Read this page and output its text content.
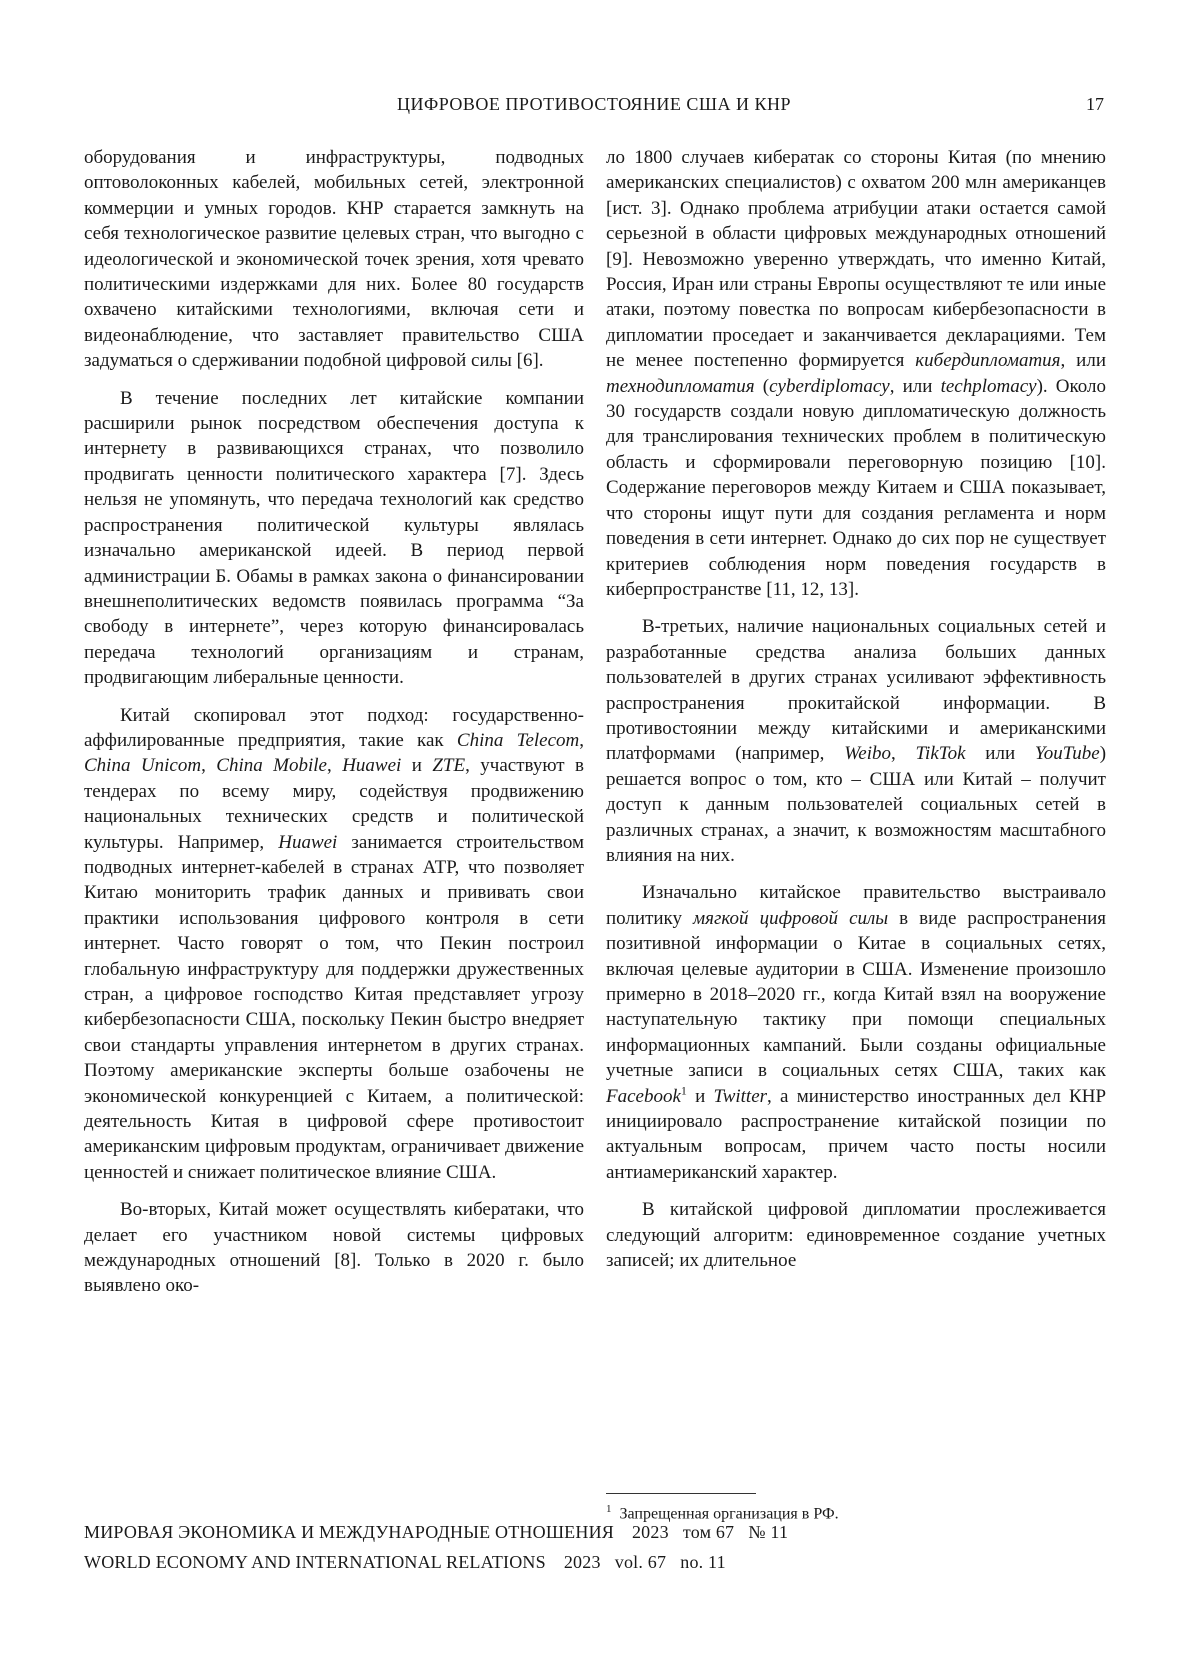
ЦИФРОВОЕ ПРОТИВОСТОЯНИЕ США И КНР	17

оборудования и инфраструктуры, подводных оптоволоконных кабелей, мобильных сетей, электронной коммерции и умных городов. КНР старается замкнуть на себя технологическое развитие целевых стран, что выгодно с идеологической и экономической точек зрения, хотя чревато политическими издержками для них. Более 80 государств охвачено китайскими технологиями, включая сети и видеонаблюдение, что заставляет правительство США задуматься о сдерживании подобной цифровой силы [6].

В течение последних лет китайские компании расширили рынок посредством обеспечения доступа к интернету в развивающихся странах, что позволило продвигать ценности политического характера [7]. Здесь нельзя не упомянуть, что передача технологий как средство распространения политической культуры являлась изначально американской идеей. В период первой администрации Б. Обамы в рамках закона о финансировании внешнеполитических ведомств появилась программа “За свободу в интернете”, через которую финансировалась передача технологий организациям и странам, продвигающим либеральные ценности.

Китай скопировал этот подход: государственно-аффилированные предприятия, такие как China Telecom, China Unicom, China Mobile, Huawei и ZTE, участвуют в тендерах по всему миру, содействуя продвижению национальных технических средств и политической культуры. Например, Huawei занимается строительством подводных интернет-кабелей в странах АТР, что позволяет Китаю мониторить трафик данных и прививать свои практики использования цифрового контроля в сети интернет. Часто говорят о том, что Пекин построил глобальную инфраструктуру для поддержки дружественных стран, а цифровое господство Китая представляет угрозу кибербезопасности США, поскольку Пекин быстро внедряет свои стандарты управления интернетом в других странах. Поэтому американские эксперты больше озабочены не экономической конкуренцией с Китаем, а политической: деятельность Китая в цифровой сфере противостоит американским цифровым продуктам, ограничивает движение ценностей и снижает политическое влияние США.

Во-вторых, Китай может осуществлять кибератаки, что делает его участником новой системы цифровых международных отношений [8]. Только в 2020 г. было выявлено око-

ло 1800 случаев кибератак со стороны Китая (по мнению американских специалистов) с охватом 200 млн американцев [ист. 3]. Однако проблема атрибуции атаки остается самой серьезной в области цифровых международных отношений [9]. Невозможно уверенно утверждать, что именно Китай, Россия, Иран или страны Европы осуществляют те или иные атаки, поэтому повестка по вопросам кибербезопасности в дипломатии проседает и заканчивается декларациями. Тем не менее постепенно формируется кибердипломатия, или технодипломатия (cyberdiplomacy, или techplomacy). Около 30 государств создали новую дипломатическую должность для транслирования технических проблем в политическую область и сформировали переговорную позицию [10]. Содержание переговоров между Китаем и США показывает, что стороны ищут пути для создания регламента и норм поведения в сети интернет. Однако до сих пор не существует критериев соблюдения норм поведения государств в киберпространстве [11, 12, 13].

В-третьих, наличие национальных социальных сетей и разработанные средства анализа больших данных пользователей в других странах усиливают эффективность распространения прокитайской информации. В противостоянии между китайскими и американскими платформами (например, Weibo, TikTok или YouTube) решается вопрос о том, кто – США или Китай – получит доступ к данным пользователей социальных сетей в различных странах, а значит, к возможностям масштабного влияния на них.

Изначально китайское правительство выстраивало политику мягкой цифровой силы в виде распространения позитивной информации о Китае в социальных сетях, включая целевые аудитории в США. Изменение произошло примерно в 2018–2020 гг., когда Китай взял на вооружение наступательную тактику при помощи специальных информационных кампаний. Были созданы официальные учетные записи в социальных сетях США, таких как Facebook$^1$ и Twitter, а министерство иностранных дел КНР инициировало распространение китайской позиции по актуальным вопросам, причем часто посты носили антиамериканский характер.

В китайской цифровой дипломатии прослеживается следующий алгоритм: единовременное создание учетных записей; их длительное

$^1$ Запрещенная организация в РФ.
МИРОВАЯ ЭКОНОМИКА И МЕЖДУНАРОДНЫЕ ОТНОШЕНИЯ 2023   том 67   № 11
WORLD ECONOMY AND INTERNATIONAL RELATIONS 2023   vol. 67   no. 11
